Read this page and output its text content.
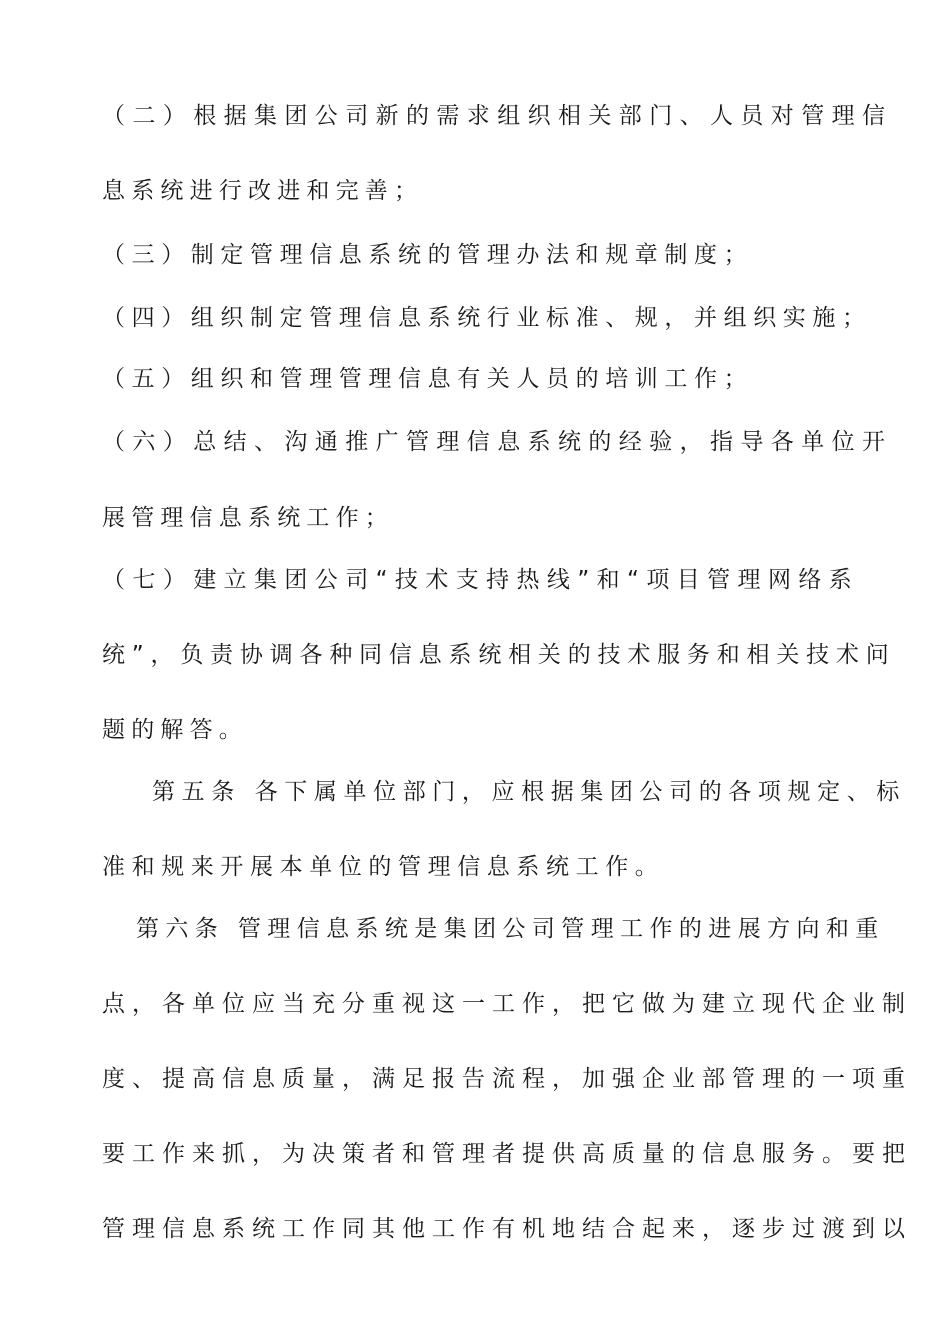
（二）根据集团公司新的需求组织相关部门、人员对管理信
息系统进行改进和完善；
（三）制定管理信息系统的管理办法和规章制度；
（四）组织制定管理信息系统行业标准、规，并组织实施；
（五）组织和管理管理信息有关人员的培训工作；
（六）总结、沟通推广管理信息系统的经验，指导各单位开
展管理信息系统工作；
（七）建立集团公司“技术支持热线”和“项目管理网络系
统”，负责协调各种同信息系统相关的技术服务和相关技术问
题的解答。
第五条 各下属单位部门，应根据集团公司的各项规定、标
准和规来开展本单位的管理信息系统工作。
第六条 管理信息系统是集团公司管理工作的进展方向和重
点，各单位应当充分重视这一工作，把它做为建立现代企业制
度、提高信息质量，满足报告流程，加强企业部管理的一项重
要工作来抓，为决策者和管理者提供高质量的信息服务。要把
管理信息系统工作同其他工作有机地结合起来，逐步过渡到以
